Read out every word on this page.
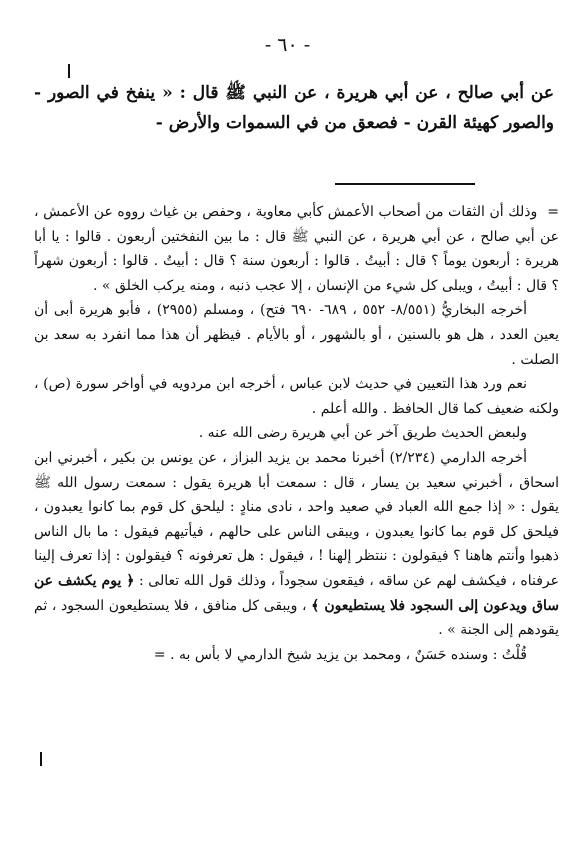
- ٦٠ -
عن أبي صالح ، عن أبي هريرة ، عن النبي ﷺ قال : « ينفخ في الصور - والصور كهيئة القرن - فصعق من في السموات والأرض -

=وذلك أن الثقات من أصحاب الأعمش كأبي معاوية ، وحفص بن غياث رووه عن الأعمش ، عن أبي صالح ، عن أبي هريرة ، عن النبي ﷺ قال : ما بين النفختين أربعون . قالوا : يا أبا هريرة : أربعون يوماً ؟ قال : أبيتُ . قالوا : أربعون سنة ؟ قال : أبيتُ . قالوا : أربعون شهراً ؟ قال : أبيتُ ، ويبلى كل شيء من الإنسان ، إلا عجب ذنبه ، ومنه يركب الخلق » .

أخرجه البخاريُّ (٨/٥٥١- ٥٥٢ ، ٦٨٩- ٦٩٠ فتح) ، ومسلم (٢٩٥٥) ، فأبو هريرة أبى أن يعين العدد ، هل هو بالسنين ، أو بالشهور ، أو بالأيام . فيظهر أن هذا مما انفرد به سعد بن الصلت .

نعم ورد هذا التعيين في حديث لابن عباس ، أخرجه ابن مردويه في أواخر سورة (ص) ، ولكنه ضعيف كما قال الحافظ . والله أعلم .

ولبعض الحديث طريق آخر عن أبي هريرة رضى الله عنه .

أخرجه الدارمي (٢/٢٣٤) أخبرنا محمد بن يزيد البزاز ، عن يونس بن بكير ، أخبرني ابن اسحاق ، أخبرني سعيد بن يسار ، قال : سمعت أبا هريرة يقول : سمعت رسول الله ﷺ يقول : « إذا جمع الله العباد في صعيد واحد ، نادى منادٍ : ليلحق كل قوم بما كانوا يعبدون ، فيلحق كل قوم بما كانوا يعبدون ، ويبقى الناس على حالهم ، فيأتيهم فيقول : ما بال الناس ذهبوا وأنتم هاهنا ؟ فيقولون : ننتظر إلهنا ! ، فيقول : هل تعرفونه ؟ فيقولون : إذا تعرف إلينا عرفناه ، فيكشف لهم عن ساقه ، فيقعون سجوداً ، وذلك قول الله تعالى : ﴿ يوم يكشف عن ساق ويدعون إلى السجود فلا يستطيعون ﴾ ، ويبقى كل منافق ، فلا يستطيعون السجود ، ثم يقودهم إلى الجنة » .

قُلْتُ : وسنده حَسَنٌ ، ومحمد بن يزيد شيخ الدارمي لا بأس به . =
